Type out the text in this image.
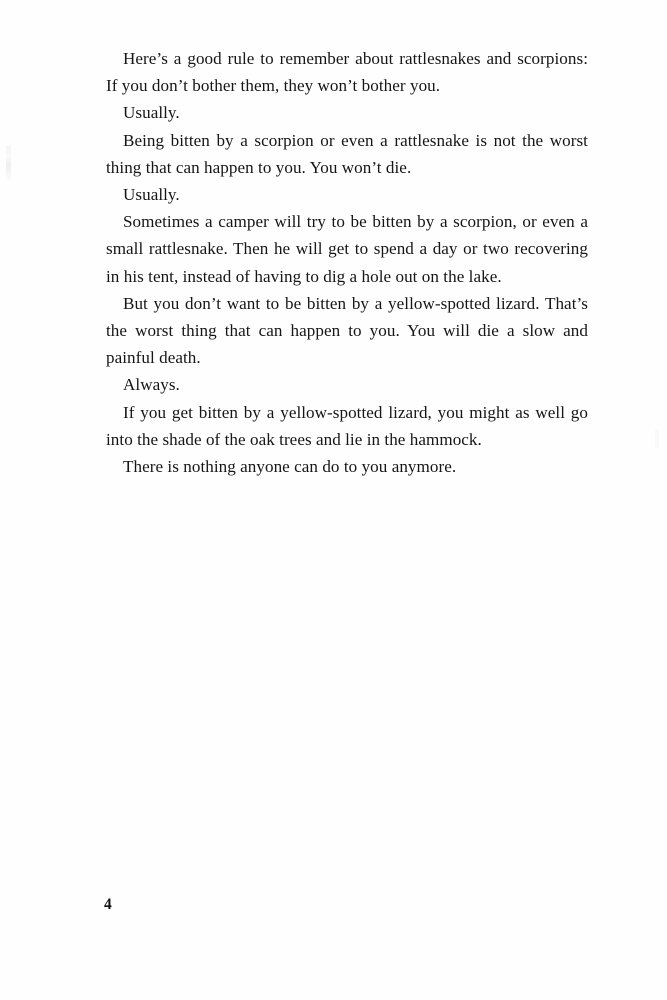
Here’s a good rule to remember about rattlesnakes and scorpions: If you don’t bother them, they won’t bother you.

Usually.

Being bitten by a scorpion or even a rattlesnake is not the worst thing that can happen to you. You won’t die.

Usually.

Sometimes a camper will try to be bitten by a scorpion, or even a small rattlesnake. Then he will get to spend a day or two recovering in his tent, instead of having to dig a hole out on the lake.

But you don’t want to be bitten by a yellow-spotted lizard. That’s the worst thing that can happen to you. You will die a slow and painful death.

Always.

If you get bitten by a yellow-spotted lizard, you might as well go into the shade of the oak trees and lie in the hammock.

There is nothing anyone can do to you anymore.

4
